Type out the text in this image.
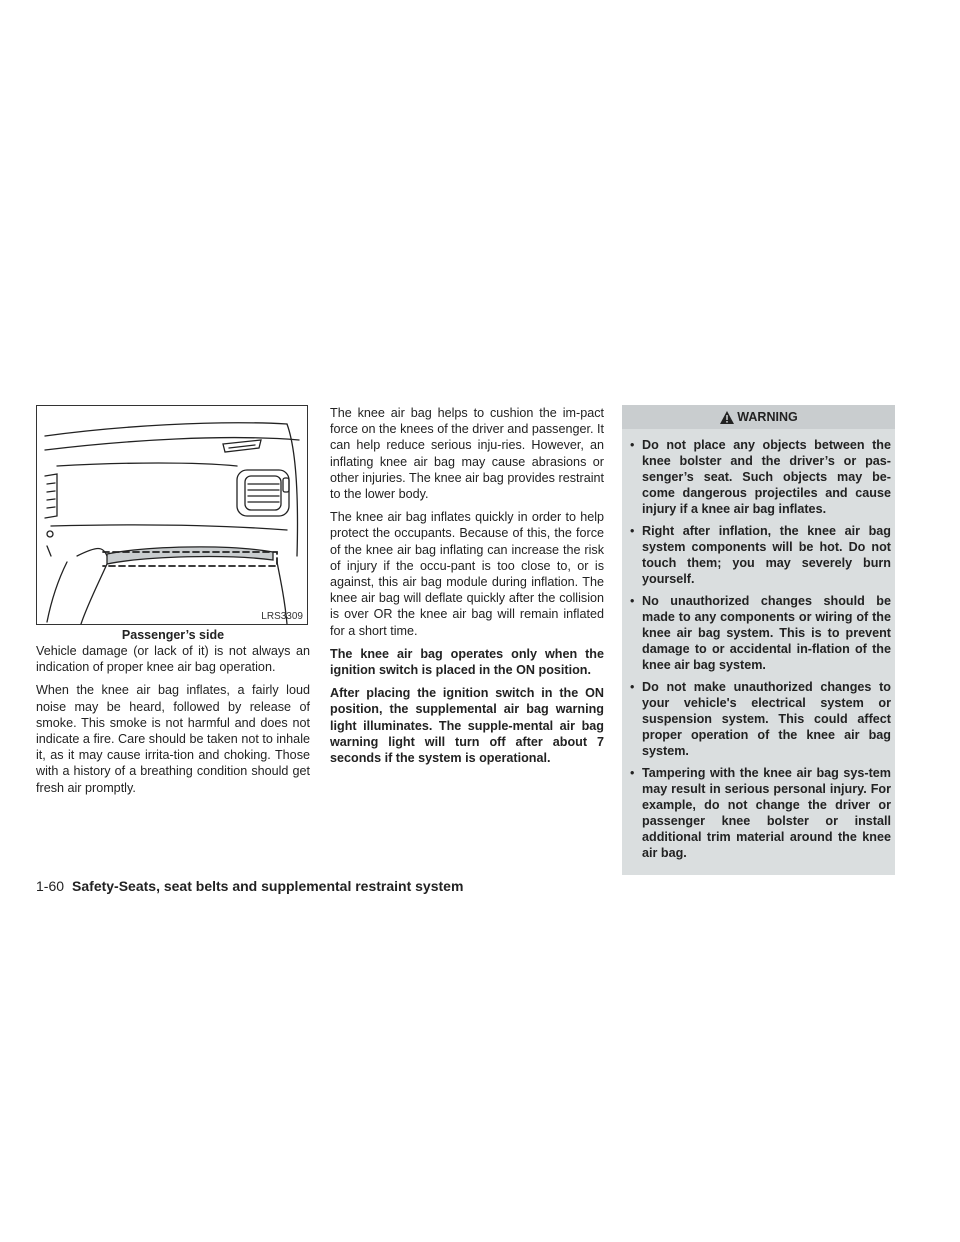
LRS3309
Passenger’s side

Vehicle damage (or lack of it) is not always an indication of proper knee air bag operation.

When the knee air bag inflates, a fairly loud noise may be heard, followed by release of smoke. This smoke is not harmful and does not indicate a fire. Care should be taken not to inhale it, as it may cause irrita-tion and choking. Those with a history of a breathing condition should get fresh air promptly.

The knee air bag helps to cushion the im-pact force on the knees of the driver and passenger. It can help reduce serious inju-ries. However, an inflating knee air bag may cause abrasions or other injuries. The knee air bag provides restraint to the lower body.

The knee air bag inflates quickly in order to help protect the occupants. Because of this, the force of the knee air bag inflating can increase the risk of injury if the occu-pant is too close to, or is against, this air bag module during inflation. The knee air bag will deflate quickly after the collision is over OR the knee air bag will remain inflated for a short time.

The knee air bag operates only when the ignition switch is placed in the ON position.

After placing the ignition switch in the ON position, the supplemental air bag warning light illuminates. The supple-mental air bag warning light will turn off after about 7 seconds if the system is operational.

WARNING
• Do not place any objects between the knee bolster and the driver’s or pas-senger’s seat. Such objects may be-come dangerous projectiles and cause injury if a knee air bag inflates.
• Right after inflation, the knee air bag system components will be hot. Do not touch them; you may severely burn yourself.
• No unauthorized changes should be made to any components or wiring of the knee air bag system. This is to prevent damage to or accidental in-flation of the knee air bag system.
• Do not make unauthorized changes to your vehicle's electrical system or suspension system. This could affect proper operation of the knee air bag system.
• Tampering with the knee air bag sys-tem may result in serious personal injury. For example, do not change the driver or passenger knee bolster or install additional trim material around the knee air bag.
1-60 Safety-Seats, seat belts and supplemental restraint system
